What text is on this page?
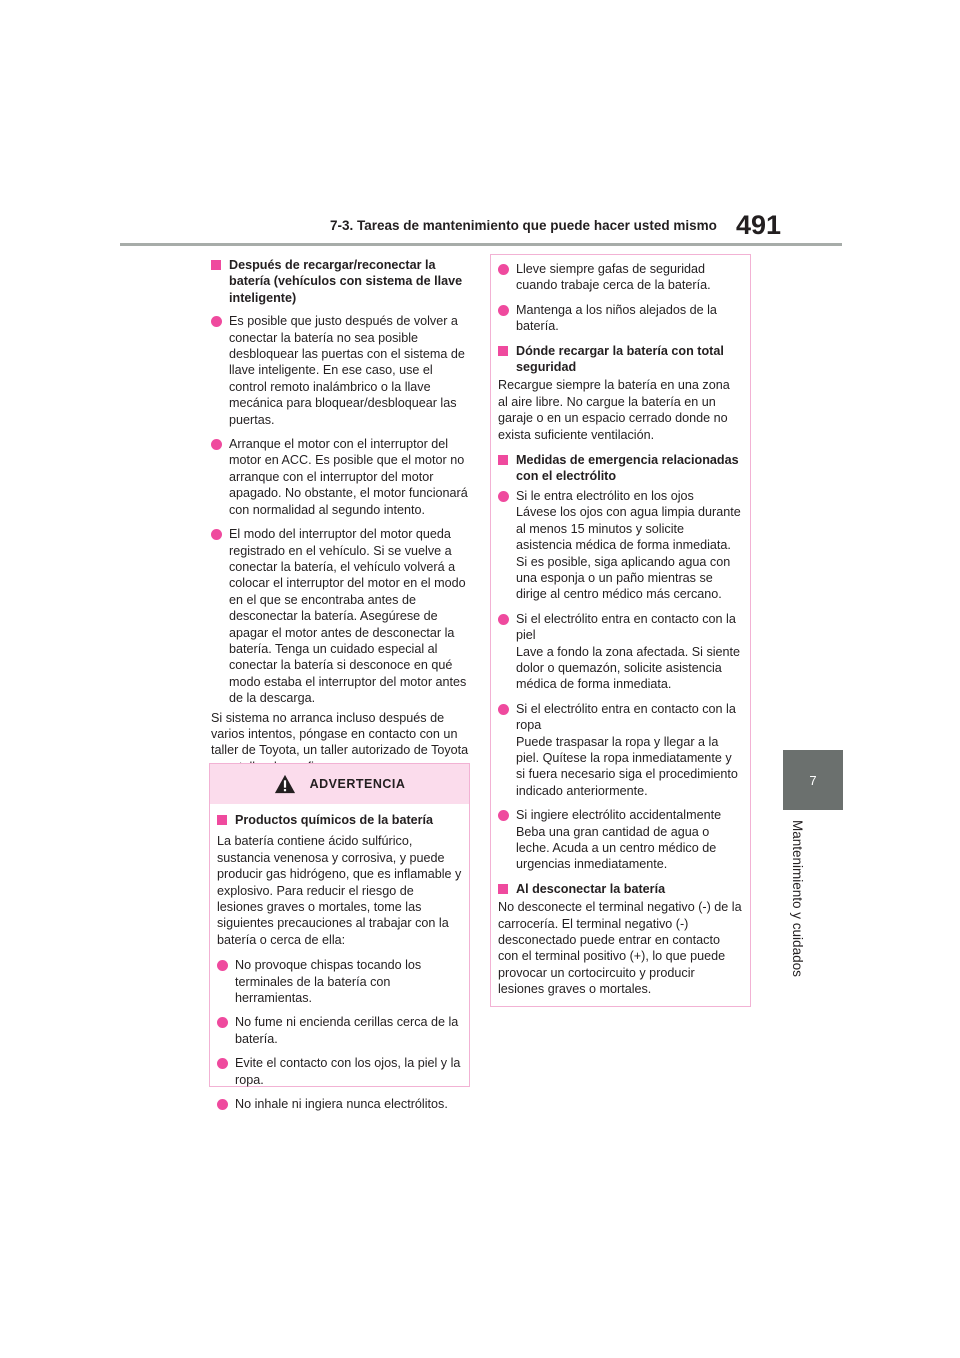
7-3. Tareas de mantenimiento que puede hacer usted mismo 491
7
Mantenimiento y cuidados
Después de recargar/reconectar la batería (vehículos con sistema de llave inteligente)
Es posible que justo después de volver a conectar la batería no sea posible desbloquear las puertas con el sistema de llave inteligente. En ese caso, use el control remoto inalámbrico o la llave mecánica para bloquear/desbloquear las puertas.
Arranque el motor con el interruptor del motor en ACC. Es posible que el motor no arranque con el interruptor del motor apagado. No obstante, el motor funcionará con normalidad al segundo intento.
El modo del interruptor del motor queda registrado en el vehículo. Si se vuelve a conectar la batería, el vehículo volverá a colocar el interruptor del motor en el modo en el que se encontraba antes de desconectar la batería. Asegúrese de apagar el motor antes de desconectar la batería. Tenga un cuidado especial al conectar la batería si desconoce en qué modo estaba el interruptor del motor antes de la descarga.
Si sistema no arranca incluso después de varios intentos, póngase en contacto con un taller de Toyota, un taller autorizado de Toyota
ADVERTENCIA
Productos químicos de la batería
La batería contiene ácido sulfúrico, sustancia venenosa y corrosiva, y puede producir gas hidrógeno, que es inflamable y explosivo. Para reducir el riesgo de lesiones graves o mortales, tome las siguientes precauciones al trabajar con la batería o cerca de ella:
No provoque chispas tocando los terminales de la batería con herramientas.
No fume ni encienda cerillas cerca de la batería.
Evite el contacto con los ojos, la piel y la ropa.
No inhale ni ingiera nunca electrólitos.
Lleve siempre gafas de seguridad cuando trabaje cerca de la batería.
Mantenga a los niños alejados de la batería.
Dónde recargar la batería con total seguridad
Recargue siempre la batería en una zona al aire libre. No cargue la batería en un garaje o en un espacio cerrado donde no exista suficiente ventilación.
Medidas de emergencia relacionadas con el electrólito
Si le entra electrólito en los ojos
Lávese los ojos con agua limpia durante al menos 15 minutos y solicite asistencia médica de forma inmediata. Si es posible, siga aplicando agua con una esponja o un paño mientras se dirige al centro médico más cercano.
Si el electrólito entra en contacto con la piel
Lave a fondo la zona afectada. Si siente dolor o quemazón, solicite asistencia médica de forma inmediata.
Si el electrólito entra en contacto con la ropa
Puede traspasar la ropa y llegar a la piel. Quítese la ropa inmediatamente y si fuera necesario siga el procedimiento indicado anteriormente.
Si ingiere electrólito accidentalmente
Beba una gran cantidad de agua o leche. Acuda a un centro médico de urgencias inmediatamente.
Al desconectar la batería
No desconecte el terminal negativo (-) de la carrocería. El terminal negativo (-) desconectado puede entrar en contacto con el terminal positivo (+), lo que puede provocar un cortocircuito y producir lesiones graves o mortales.
